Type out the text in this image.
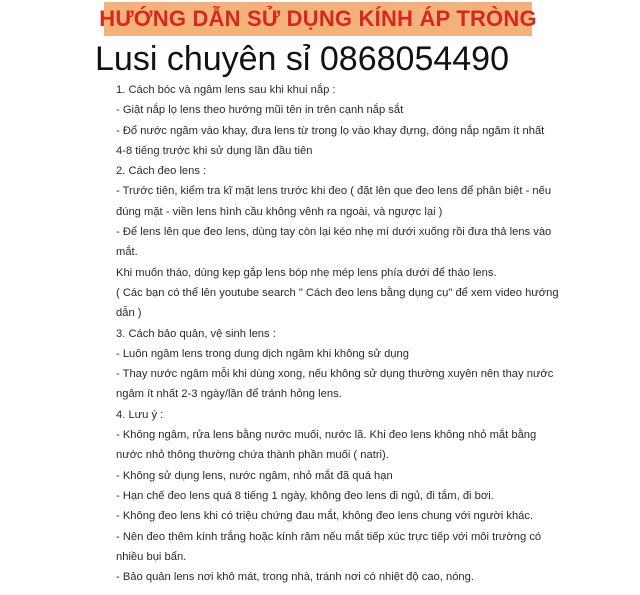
HƯỚNG DẪN SỬ DỤNG KÍNH ÁP TRÒNG
Lusi chuyên sỉ 0868054490
1. Cách bóc và ngâm lens sau khi khui nắp :
- Giật nắp lọ lens theo hướng mũi tên in trên cạnh nắp sắt
- Đổ nước ngâm vào khay, đưa lens từ trong lọ vào khay đựng, đóng nắp ngâm ít nhất
4-8 tiếng trước khi sử dụng lần đầu tiên
2. Cách đeo lens :
- Trước tiên, kiểm tra kĩ mặt lens trước khi đeo ( đặt lên que đeo lens để phân biệt - nếu
đúng mặt - viền lens hình cầu không vênh ra ngoài, và ngược lại )
- Để lens lên que đeo lens, dùng tay còn lại kéo nhẹ mí dưới xuống rồi đưa thả lens vào
mắt.
Khi muốn tháo, dùng kẹp gắp lens bóp nhẹ mép lens phía dưới để tháo lens.
( Các bạn có thể lên youtube search " Cách đeo lens bằng dụng cụ" để xem video hướng
dẫn )
3. Cách bảo quản, vệ sinh lens :
- Luôn ngâm lens trong dung dịch ngâm khi không sử dụng
- Thay nước ngâm mỗi khi dùng xong, nếu không sử dụng thường xuyên nên thay nước
ngâm ít nhất 2-3 ngày/lần để tránh hỏng lens.
4. Lưu ý :
- Không ngâm, rửa lens bằng nước muối, nước lã. Khi đeo lens không nhỏ mắt bằng
nước nhỏ thông thường chứa thành phần muối ( natri).
- Không sử dụng lens, nước ngâm, nhỏ mắt đã quá hạn
- Hạn chế đeo lens quá 8 tiếng 1 ngày, không đeo lens đi ngủ, đi tắm, đi bơi.
- Không đeo lens khi có triệu chứng đau mắt, không đeo lens chung với người khác.
- Nên đeo thêm kính trắng hoặc kính râm nếu mắt tiếp xúc trực tiếp với môi trường có
nhiều bụi bẩn.
- Bảo quản lens nơi khô mát, trong nhà, tránh nơi có nhiệt độ cao, nóng.
